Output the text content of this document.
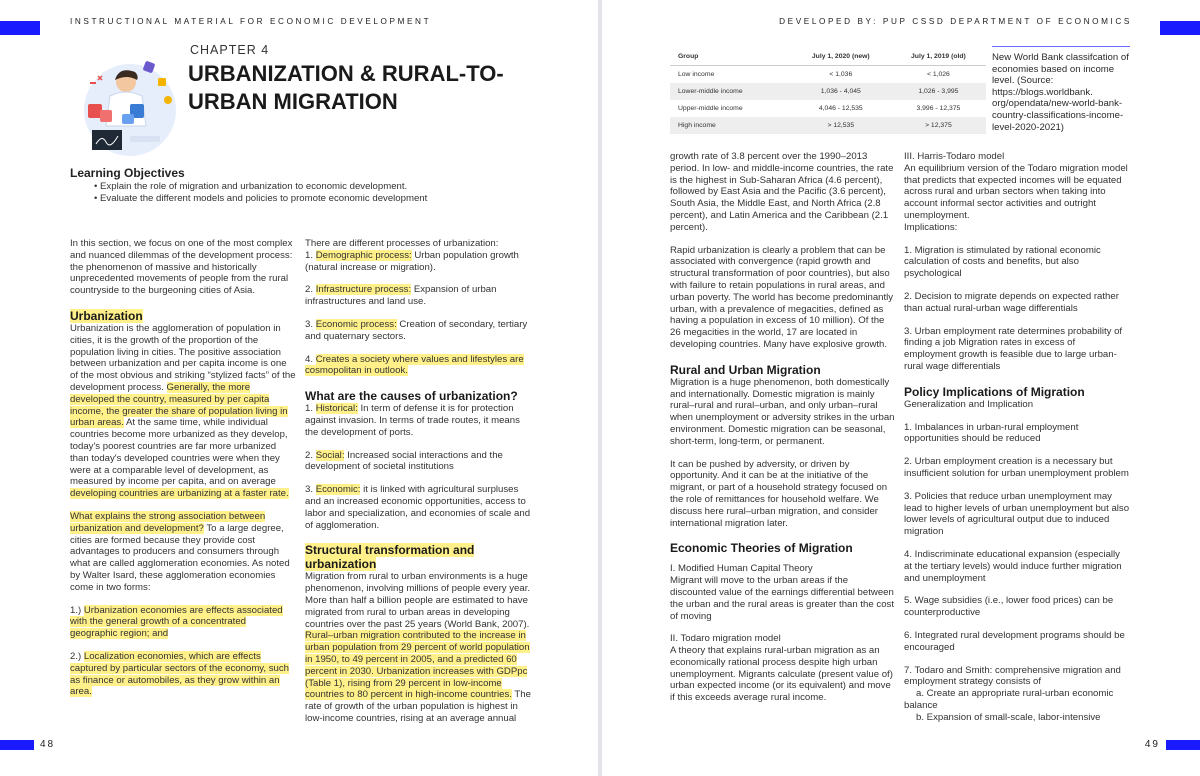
INSTRUCTIONAL MATERIAL FOR ECONOMIC DEVELOPMENT
CHAPTER 4
URBANIZATION & RURAL-TO-
URBAN MIGRATION
Learning Objectives
• Explain the role of migration and urbanization to economic development.
• Evaluate the different models and policies to promote economic development

In this section, we focus on one of the most complex and nuanced dilemmas of the development process: the phenomenon of massive and historically unprecedented movements of people from the rural countryside to the burgeoning cities of Asia.

Urbanization

Urbanization is the agglomeration of population in cities, it is the growth of the proportion of the population living in cities. The positive association between urbanization and per capita income is one of the most obvious and striking “stylized facts” of the development process. Generally, the more developed the country, measured by per capita income, the greater the share of population living in urban areas. At the same time, while individual countries become more urbanized as they develop, today's poorest countries are far more urbanized than today's developed countries were when they were at a comparable level of development, as measured by income per capita, and on average developing countries are urbanizing at a faster rate.

What explains the strong association between urbanization and development? To a large degree, cities are formed because they provide cost advantages to producers and consumers through what are called agglomeration economies. As noted by Walter Isard, these agglomeration economies come in two forms:

1.) Urbanization economies are effects associated with the general growth of a concentrated geographic region; and

2.) Localization economies, which are effects captured by particular sectors of the economy, such as finance or automobiles, as they grow within an area.

There are different processes of urbanization:
1. Demographic process: Urban population growth (natural increase or migration).

2. Infrastructure process: Expansion of urban infrastructures and land use.

3. Economic process: Creation of secondary, tertiary and quaternary sectors.

4. Creates a society where values and lifestyles are cosmopolitan in outlook.

What are the causes of urbanization?

1. Historical: In term of defense it is for protection against invasion. In terms of trade routes, it means the development of ports.

2. Social: Increased social interactions and the development of societal institutions

3. Economic: it is linked with agricultural surpluses and an increased economic opportunities, access to labor and specialization, and economies of scale and of agglomeration.

Structural transformation and urbanization

Migration from rural to urban environments is a huge phenomenon, involving millions of people every year. More than half a billion people are estimated to have migrated from rural to urban areas in developing countries over the past 25 years (World Bank, 2007). Rural–urban migration contributed to the increase in urban population from 29 percent of world population in 1950, to 49 percent in 2005, and a predicted 60 percent in 2030. Urbanization increases with GDPpc (Table 1), rising from 29 percent in low-income countries to 80 percent in high-income countries. The rate of growth of the urban population is highest in low-income countries, rising at an average annual

48
DEVELOPED BY: PUP CSSD DEPARTMENT OF ECONOMICS
49
Group	July 1, 2020 (new)	July 1, 2019 (old)
Low income	< 1,036	< 1,026
Lower-middle income	1,036 - 4,045	1,026 - 3,995
Upper-middle income	4,046 - 12,535	3,996 - 12,375
High income	> 12,535	> 12,375
New World Bank classifcation of economies based on income level. (Source: https://blogs.worldbank. org/opendata/new-world-bank-country-classifications-income-level-2020-2021)

growth rate of 3.8 percent over the 1990–2013 period. In low- and middle-income countries, the rate is the highest in Sub-Saharan Africa (4.6 percent), followed by East Asia and the Pacific (3.6 percent), South Asia, the Middle East, and North Africa (2.8 percent), and Latin America and the Caribbean (2.1 percent).

Rapid urbanization is clearly a problem that can be associated with convergence (rapid growth and structural transformation of poor countries), but also with failure to retain populations in rural areas, and urban poverty. The world has become predominantly urban, with a prevalence of megacities, defined as having a population in excess of 10 million). Of the 26 megacities in the world, 17 are located in developing countries. Many have explosive growth.

Rural and Urban Migration

Migration is a huge phenomenon, both domestically and internationally. Domestic migration is mainly rural–rural and rural–urban, and only urban–rural when unemployment or adversity strikes in the urban environment. Domestic migration can be seasonal, short-term, long-term, or permanent.

It can be pushed by adversity, or driven by opportunity. And it can be at the initiative of the migrant, or part of a household strategy focused on the role of remittances for household welfare. We discuss here rural–urban migration, and consider international migration later.

Economic Theories of Migration

I. Modified Human Capital Theory
Migrant will move to the urban areas if the discounted value of the earnings differential between the urban and the rural areas is greater than the cost of moving

II. Todaro migration model
A theory that explains rural-urban migration as an economically rational process despite high urban unemployment. Migrants calculate (present value of) urban expected income (or its equivalent) and move if this exceeds average rural income.

III. Harris-Todaro model
An equilibrium version of the Todaro migration model that predicts that expected incomes will be equated across rural and urban sectors when taking into account informal sector activities and outright unemployment.
Implications:

1. Migration is stimulated by rational economic calculation of costs and benefits, but also psychological

2. Decision to migrate depends on expected rather than actual rural-urban wage differentials

3. Urban employment rate determines probability of finding a job Migration rates in excess of employment growth is feasible due to large urban-rural wage differentials

Policy Implications of Migration

Generalization and Implication

1. Imbalances in urban-rural employment opportunities should be reduced

2. Urban employment creation is a necessary but insufficient solution for urban unemployment problem

3. Policies that reduce urban unemployment may lead to higher levels of urban unemployment but also lower levels of agricultural output due to induced migration

4. Indiscriminate educational expansion (especially at the tertiary levels) would induce further migration and unemployment

5. Wage subsidies (i.e., lower food prices) can be counterproductive

6. Integrated rural development programs should be encouraged

7. Todaro and Smith: comprehensive migration and employment strategy consists of
a. Create an appropriate rural-urban economic balance
b. Expansion of small-scale, labor-intensive
